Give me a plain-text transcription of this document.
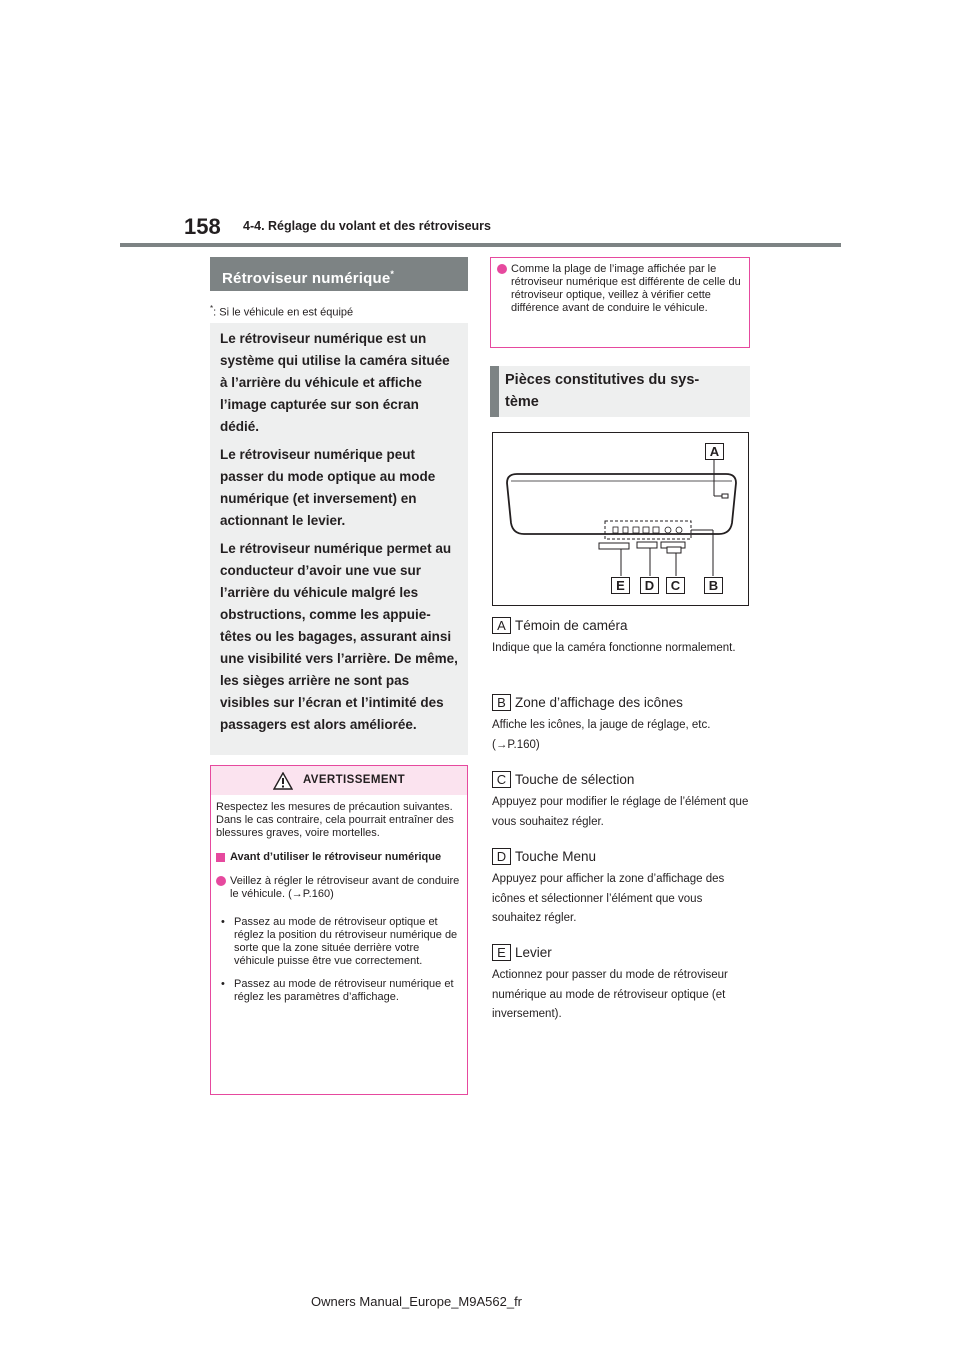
158 4-4. Réglage du volant et des rétroviseurs
Rétroviseur numérique*
*: Si le véhicule en est équipé

Le rétroviseur numérique est un système qui utilise la caméra située à l’arrière du véhicule et affiche l’image capturée sur son écran dédié.

Le rétroviseur numérique peut passer du mode optique au mode numérique (et inversement) en actionnant le levier.

Le rétroviseur numérique permet au conducteur d’avoir une vue sur l’arrière du véhicule malgré les obstructions, comme les appuie-têtes ou les bagages, assurant ainsi une visibilité vers l’arrière. De même, les sièges arrière ne sont pas visibles sur l’écran et l’intimité des passagers est alors améliorée.

AVERTISSEMENT

Respectez les mesures de précaution suivantes. Dans le cas contraire, cela pourrait entraîner des blessures graves, voire mortelles.

Avant d’utiliser le rétroviseur numérique
Veillez à régler le rétroviseur avant de conduire le véhicule. (→P.160)
• Passez au mode de rétroviseur optique et réglez la position du rétroviseur numérique de sorte que la zone située derrière votre véhicule puisse être vue correctement.
• Passez au mode de rétroviseur numérique et réglez les paramètres d’affichage.
Comme la plage de l’image affichée par le rétroviseur numérique est différente de celle du rétroviseur optique, veillez à vérifier cette différence avant de conduire le véhicule.
Pièces constitutives du sys-
tème
A
B
C
D
E
A Témoin de caméra
Indique que la caméra fonctionne normalement.
B Zone d’affichage des icônes
Affiche les icônes, la jauge de réglage, etc. (→P.160)
C Touche de sélection
Appuyez pour modifier le réglage de l’élément que vous souhaitez régler.
D Touche Menu
Appuyez pour afficher la zone d’affichage des icônes et sélectionner l’élément que vous souhaitez régler.
E Levier
Actionnez pour passer du mode de rétroviseur numérique au mode de rétroviseur optique (et inversement).
Owners Manual_Europe_M9A562_fr
